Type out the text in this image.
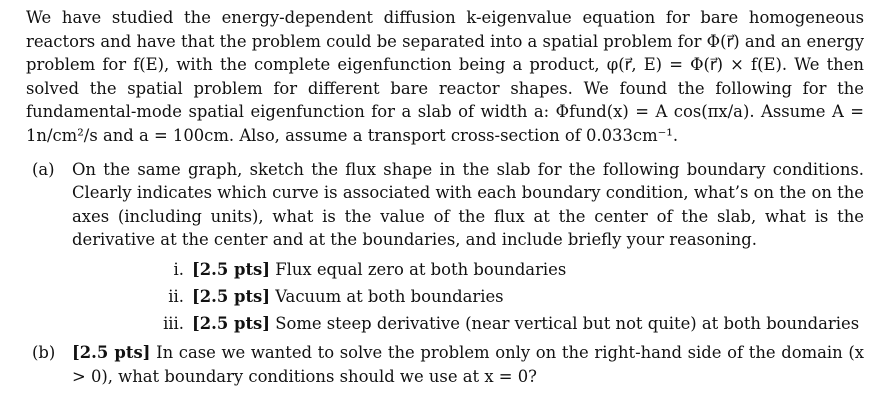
We have studied the energy-dependent diffusion k-eigenvalue equation for bare homogeneous reactors and have that the problem could be separated into a spatial problem for Φ(r⃗) and an energy problem for f(E), with the complete eigenfunction being a product, φ(r⃗, E) = Φ(r⃗) × f(E). We then solved the spatial problem for different bare reactor shapes. We found the following for the fundamental-mode spatial eigenfunction for a slab of width a: Φfund(x) = A cos(πx/a). Assume A = 1n/cm²/s and a = 100cm. Also, assume a transport cross-section of 0.033cm⁻¹.

(a)	On the same graph, sketch the flux shape in the slab for the following boundary conditions. Clearly indicates which curve is associated with each boundary condition, what’s on the on the axes (including units), what is the value of the flux at the center of the slab, what is the derivative at the center and at the boundaries, and include briefly your reasoning.
i. [2.5 pts] Flux equal zero at both boundaries
ii. [2.5 pts] Vacuum at both boundaries
iii. [2.5 pts] Some steep derivative (near vertical but not quite) at both boundaries
(b)	[2.5 pts] In case we wanted to solve the problem only on the right-hand side of the domain (x > 0), what boundary conditions should we use at x = 0?
